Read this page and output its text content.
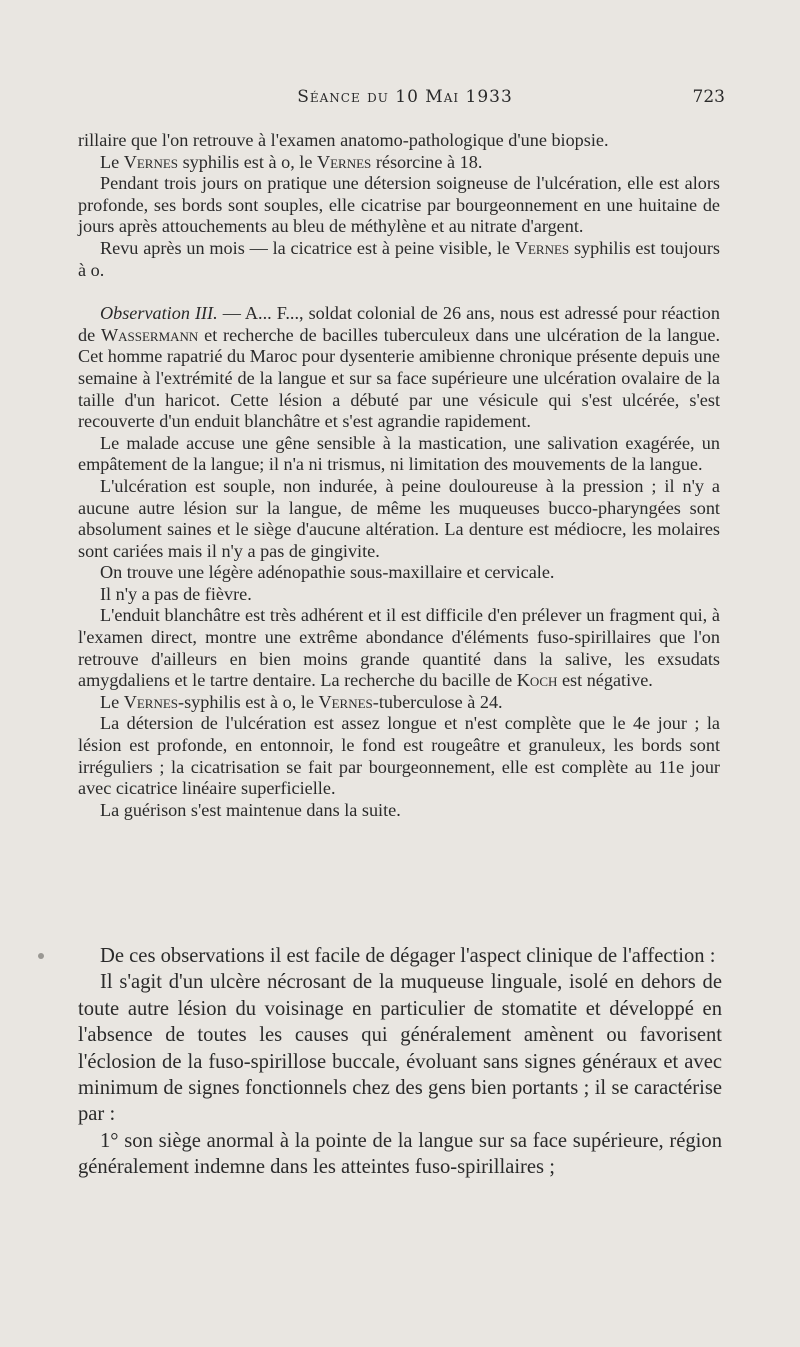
Séance du 10 Mai 1933	723

rillaire que l'on retrouve à l'examen anatomo-pathologique d'une biopsie.

Le Vernes syphilis est à o, le Vernes résorcine à 18.

Pendant trois jours on pratique une détersion soigneuse de l'ulcération, elle est alors profonde, ses bords sont souples, elle cicatrise par bourgeonnement en une huitaine de jours après attouchements au bleu de méthylène et au nitrate d'argent.

Revu après un mois — la cicatrice est à peine visible, le Vernes syphilis est toujours à o.

Observation III. — A... F..., soldat colonial de 26 ans, nous est adressé pour réaction de Wassermann et recherche de bacilles tuberculeux dans une ulcération de la langue. Cet homme rapatrié du Maroc pour dysenterie amibienne chronique présente depuis une semaine à l'extrémité de la langue et sur sa face supérieure une ulcération ovalaire de la taille d'un haricot. Cette lésion a débuté par une vésicule qui s'est ulcérée, s'est recouverte d'un enduit blanchâtre et s'est agrandie rapidement.

Le malade accuse une gêne sensible à la mastication, une salivation exagérée, un empâtement de la langue; il n'a ni trismus, ni limitation des mouvements de la langue.

L'ulcération est souple, non indurée, à peine douloureuse à la pression ; il n'y a aucune autre lésion sur la langue, de même les muqueuses bucco-pharyngées sont absolument saines et le siège d'aucune altération. La denture est médiocre, les molaires sont cariées mais il n'y a pas de gingivite.

On trouve une légère adénopathie sous-maxillaire et cervicale.

Il n'y a pas de fièvre.

L'enduit blanchâtre est très adhérent et il est difficile d'en prélever un fragment qui, à l'examen direct, montre une extrême abondance d'éléments fuso-spirillaires que l'on retrouve d'ailleurs en bien moins grande quantité dans la salive, les exsudats amygdaliens et le tartre dentaire. La recherche du bacille de Koch est négative.

Le Vernes-syphilis est à o, le Vernes-tuberculose à 24.

La détersion de l'ulcération est assez longue et n'est complète que le 4e jour ; la lésion est profonde, en entonnoir, le fond est rougeâtre et granuleux, les bords sont irréguliers ; la cicatrisation se fait par bourgeonnement, elle est complète au 11e jour avec cicatrice linéaire superficielle.

La guérison s'est maintenue dans la suite.

De ces observations il est facile de dégager l'aspect clinique de l'affection :

Il s'agit d'un ulcère nécrosant de la muqueuse linguale, isolé en dehors de toute autre lésion du voisinage en particulier de stomatite et développé en l'absence de toutes les causes qui généralement amènent ou favorisent l'éclosion de la fuso-spirillose buccale, évoluant sans signes généraux et avec minimum de signes fonctionnels chez des gens bien portants ; il se caractérise par :

1° son siège anormal à la pointe de la langue sur sa face supérieure, région généralement indemne dans les atteintes fuso-spirillaires ;
